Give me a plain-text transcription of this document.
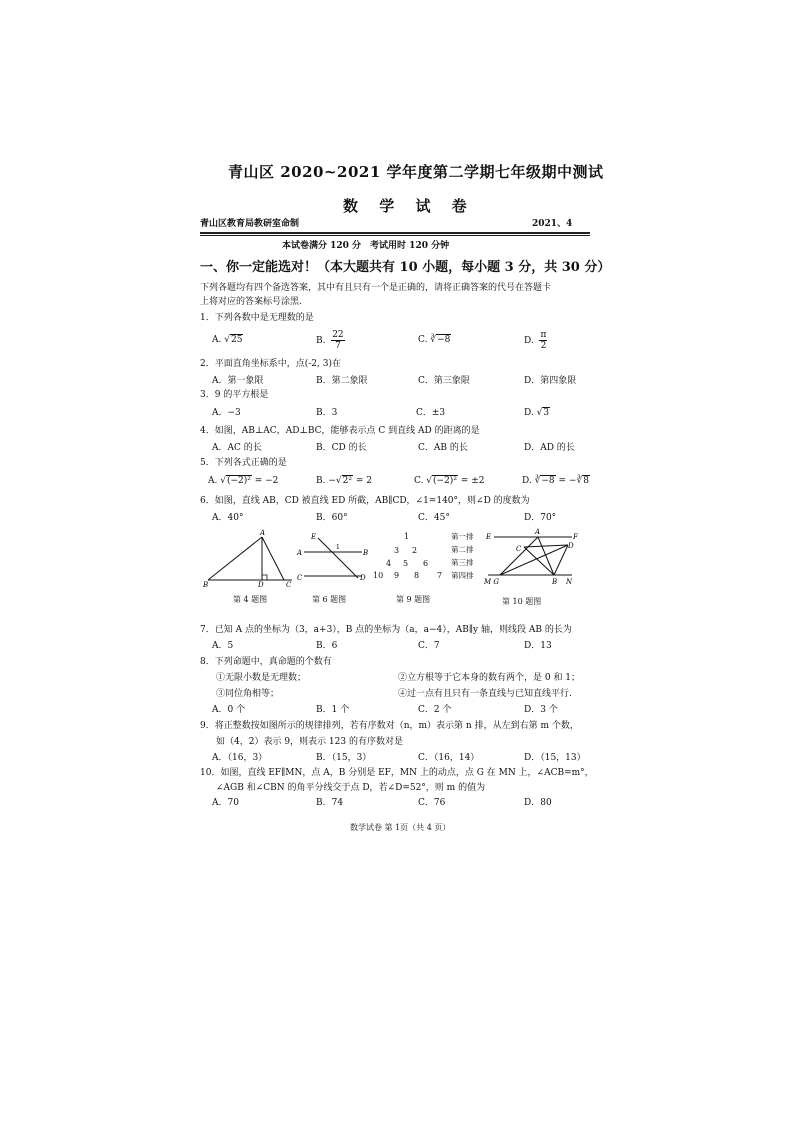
青山区 2020~2021 学年度第二学期七年级期中测试
数 学 试 卷
青山区教育局教研室命制	2021、4
本试卷满分 120 分　考试用时 120 分钟
一、你一定能选对！（本大题共有 10 小题，每小题 3 分，共 30 分）
下列各题均有四个备选答案，其中有且只有一个是正确的，请将正确答案的代号在答题卡
上将对应的答案标号涂黑.
1．下列各数中是无理数的是
A. √25	B. $\frac{22}{7}$	C. ∛−8	D. $\frac{\pi}{2}$
2．平面直角坐标系中，点(-2, 3)在
A．第一象限	B．第二象限	C．第三象限	D．第四象限
3．9 的平方根是
A．−3	B．3	C．±3	D. √3
4．如图，AB⊥AC，AD⊥BC，能够表示点 C 到直线 AD 的距离的是
A．AC 的长	B．CD 的长	C．AB 的长	D．AD 的长
5．下列各式正确的是
A. √(−2)² = −2	B. −√2² = 2	C. √(−2)² = ±2	D. ∛−8 = −∛8
6．如图，直线 AB，CD 被直线 ED 所截，AB∥CD，∠1=140°，则∠D 的度数为
A．40°	B．60°	C．45°	D．70°
A
B	D	C
第 4 题图
E
1
A	B
C	D
第 6 题图
1
3 2
4 5 6
10 9 8 7
第一排
第二排
第三排
第四排
第 9 题图
E
A
F
C	D
M G	B N
第 10 题图
7．已知 A 点的坐标为（3，a+3），B 点的坐标为（a，a−4），AB∥y 轴，则线段 AB 的长为
A．5	B．6	C．7	D．13
8．下列命题中，真命题的个数有
①无限小数是无理数；	②立方根等于它本身的数有两个，是 0 和 1；
③同位角相等；	④过一点有且只有一条直线与已知直线平行.
A．0 个	B．1 个	C．2 个	D．3 个
9．将正整数按如图所示的规律排列，若有序数对（n，m）表示第 n 排，从左到右第 m 个数，
如（4，2）表示 9，则表示 123 的有序数对是
A．（16，3）	B．（15，3）	C．（16，14）	D．（15，13）
10．如图，直线 EF∥MN，点 A，B 分别是 EF，MN 上的动点，点 G 在 MN 上，∠ACB=m°，
∠AGB 和∠CBN 的角平分线交于点 D，若∠D=52°，则 m 的值为
A．70	B．74	C．76	D．80
数学试卷 第 1页（共 4 页）
